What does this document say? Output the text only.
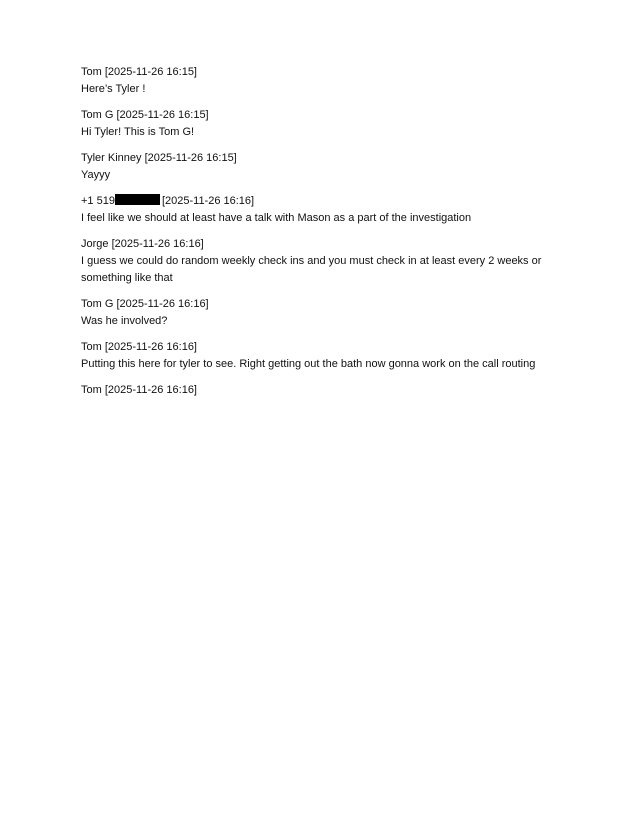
Tom [2025-11-26 16:15]
Here’s Tyler !
Tom G [2025-11-26 16:15]
Hi Tyler! This is Tom G!
Tyler Kinney [2025-11-26 16:15]
Yayyy
+1 519	[2025-11-26 16:16]
I feel like we should at least have a talk with Mason as a part of the investigation
Jorge [2025-11-26 16:16]
I guess we could do random weekly check ins and you must check in at least every 2 weeks or something like that
Tom G [2025-11-26 16:16]
Was he involved?
Tom [2025-11-26 16:16]
Putting this here for tyler to see. Right getting out the bath now gonna work on the call routing
Tom [2025-11-26 16:16]
